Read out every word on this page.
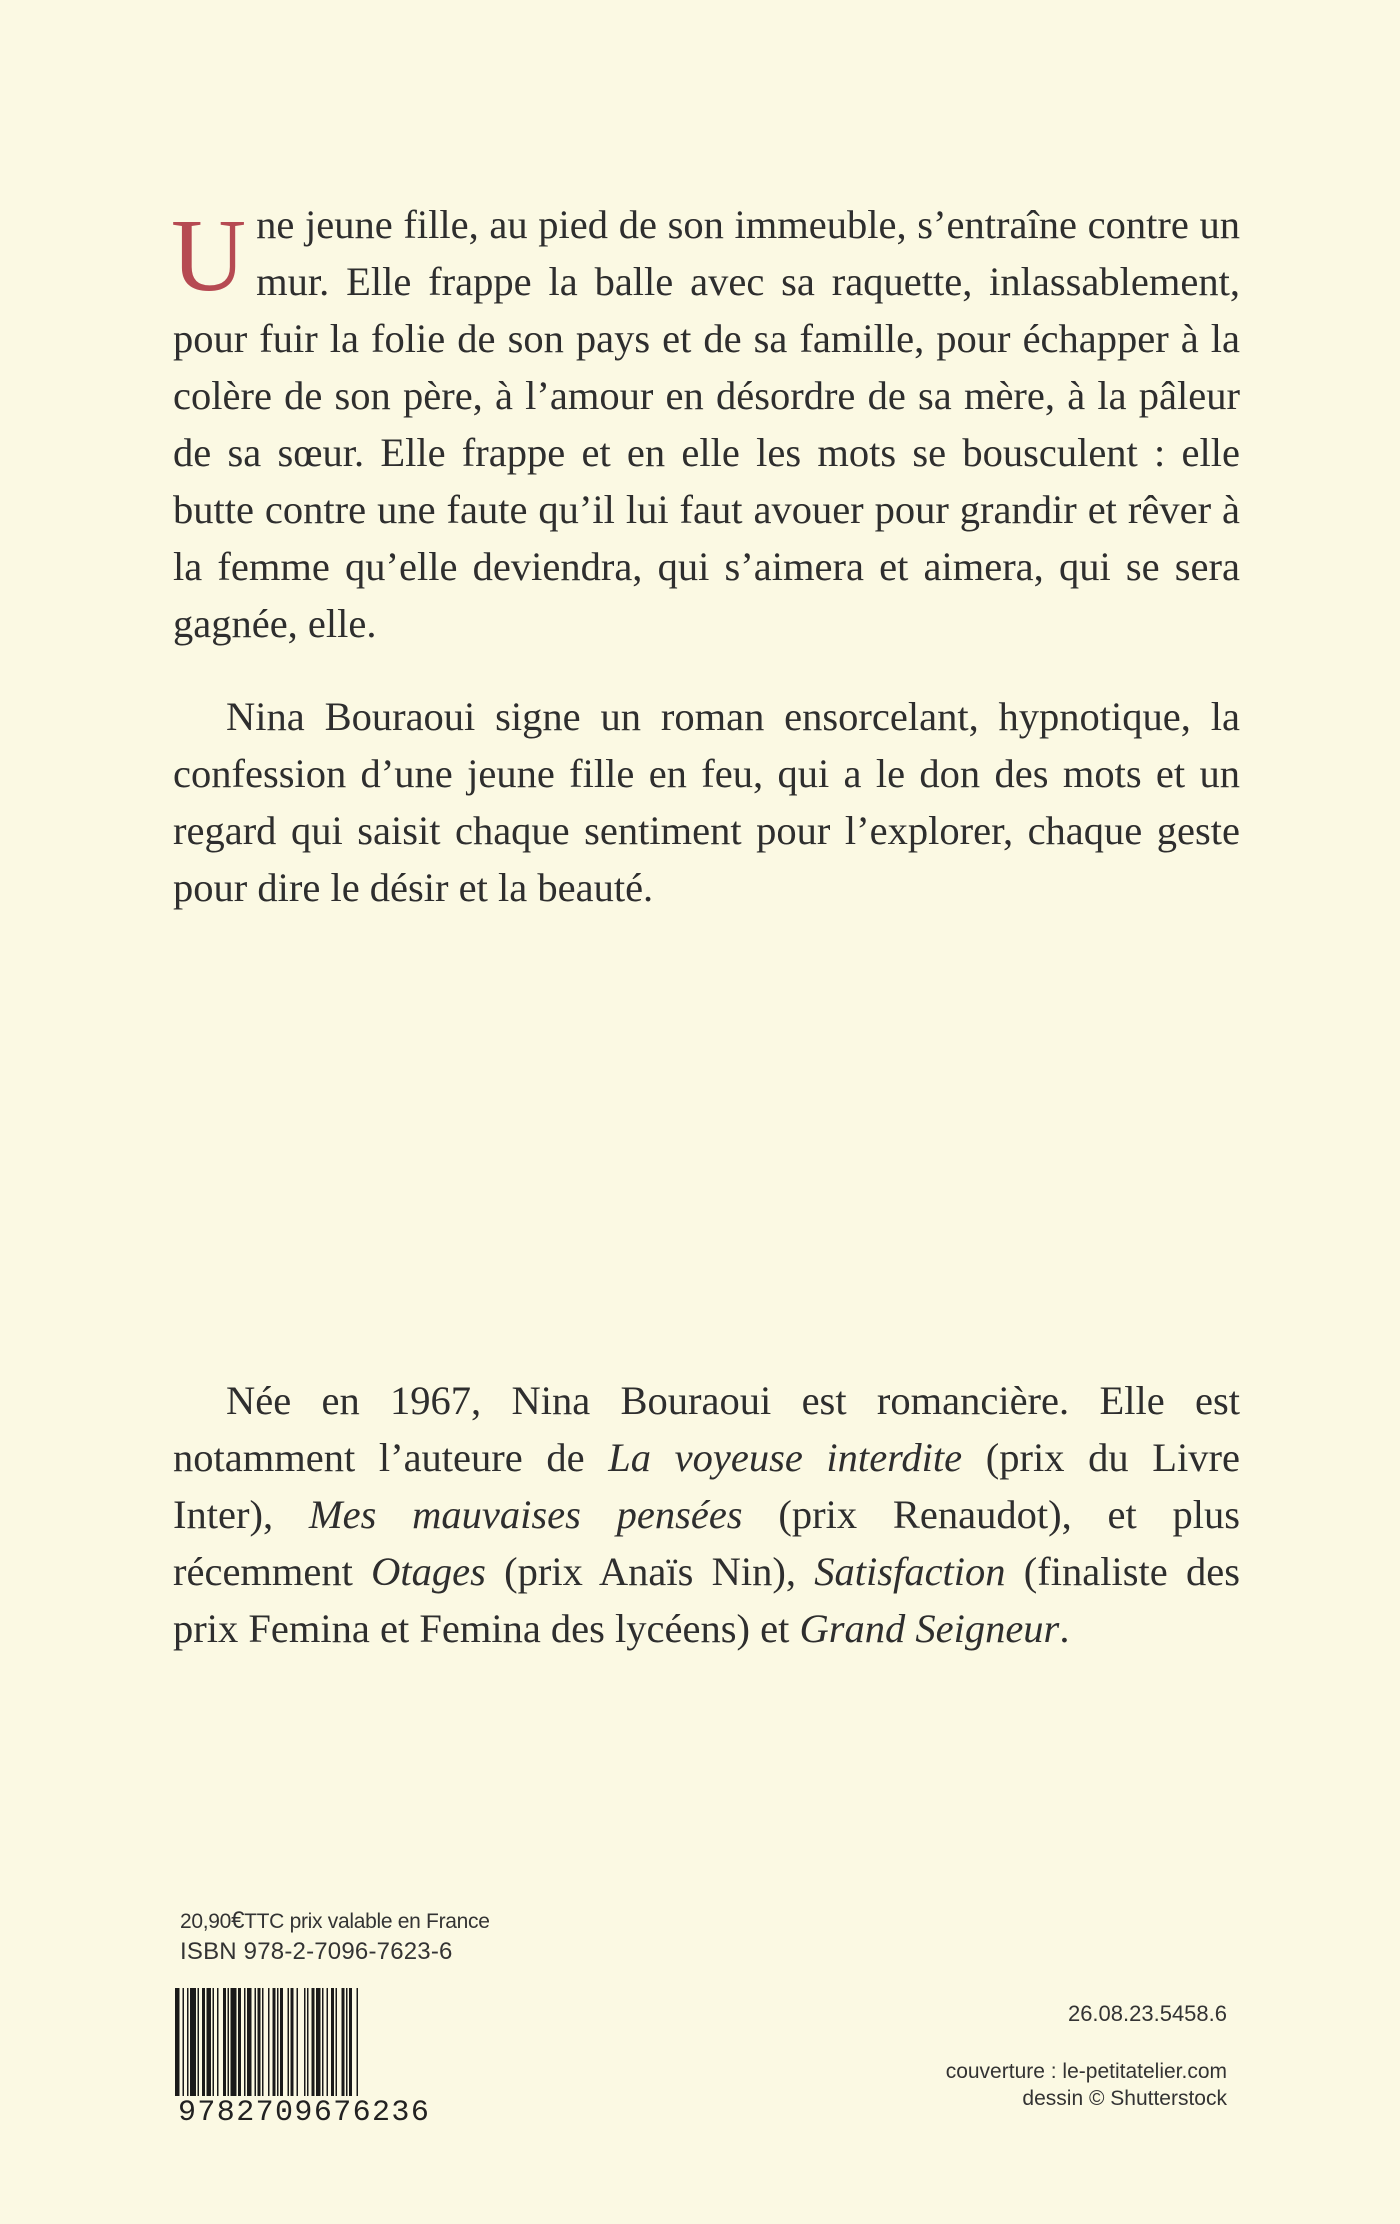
Une jeune fille, au pied de son immeuble, s’entraîne contre un mur. Elle frappe la balle avec sa raquette, inlassablement, pour fuir la folie de son pays et de sa famille, pour échapper à la colère de son père, à l’amour en désordre de sa mère, à la pâleur de sa sœur. Elle frappe et en elle les mots se bousculent : elle butte contre une faute qu’il lui faut avouer pour grandir et rêver à la femme qu’elle deviendra, qui s’aimera et aimera, qui se sera gagnée, elle.

Nina Bouraoui signe un roman ensorcelant, hypnotique, la confession d’une jeune fille en feu, qui a le don des mots et un regard qui saisit chaque sentiment pour l’explorer, chaque geste pour dire le désir et la beauté.

Née en 1967, Nina Bouraoui est romancière. Elle est notamment l’auteure de La voyeuse interdite (prix du Livre Inter), Mes mauvaises pensées (prix Renaudot), et plus récemment Otages (prix Anaïs Nin), Satisfaction (finaliste des prix Femina et Femina des lycéens) et Grand Seigneur.

20,90€TTC prix valable en France
ISBN 978-2-7096-7623-6
9782709676236
26.08.23.5458.6
couverture : le-petitatelier.com
dessin © Shutterstock
